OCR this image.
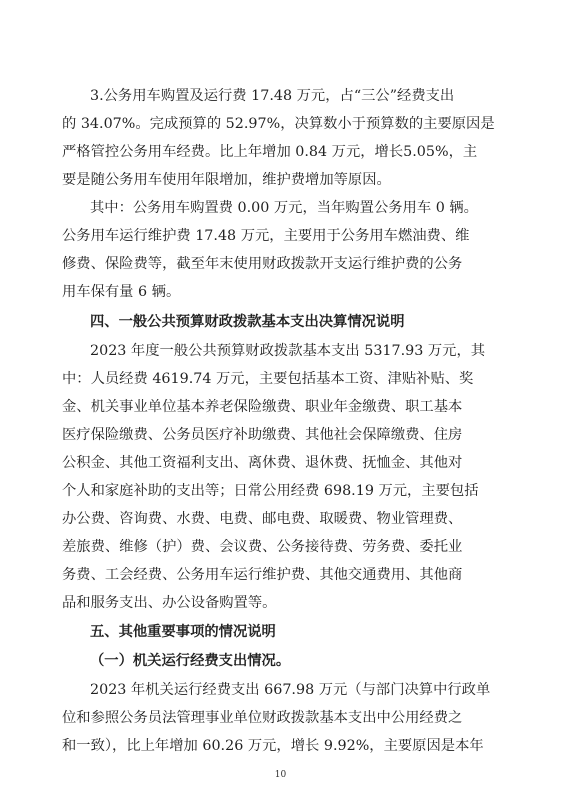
3.公务用车购置及运行费 17.48 万元，占“三公”经费支出
的 34.07%。完成预算的 52.97%，决算数小于预算数的主要原因是
严格管控公务用车经费。比上年增加 0.84 万元，增长5.05%，主
要是随公务用车使用年限增加，维护费增加等原因。
其中：公务用车购置费 0.00 万元，当年购置公务用车 0 辆。
公务用车运行维护费 17.48 万元，主要用于公务用车燃油费、维
修费、保险费等，截至年末使用财政拨款开支运行维护费的公务
用车保有量 6 辆。
四、一般公共预算财政拨款基本支出决算情况说明
2023 年度一般公共预算财政拨款基本支出 5317.93 万元，其
中：人员经费 4619.74 万元，主要包括基本工资、津贴补贴、奖
金、机关事业单位基本养老保险缴费、职业年金缴费、职工基本
医疗保险缴费、公务员医疗补助缴费、其他社会保障缴费、住房
公积金、其他工资福利支出、离休费、退休费、抚恤金、其他对
个人和家庭补助的支出等；日常公用经费 698.19 万元，主要包括
办公费、咨询费、水费、电费、邮电费、取暖费、物业管理费、
差旅费、维修（护）费、会议费、公务接待费、劳务费、委托业
务费、工会经费、公务用车运行维护费、其他交通费用、其他商
品和服务支出、办公设备购置等。
五、其他重要事项的情况说明
（一）机关运行经费支出情况。
2023 年机关运行经费支出 667.98 万元（与部门决算中行政单
位和参照公务员法管理事业单位财政拨款基本支出中公用经费之
和一致），比上年增加 60.26 万元，增长 9.92%，主要原因是本年
10
